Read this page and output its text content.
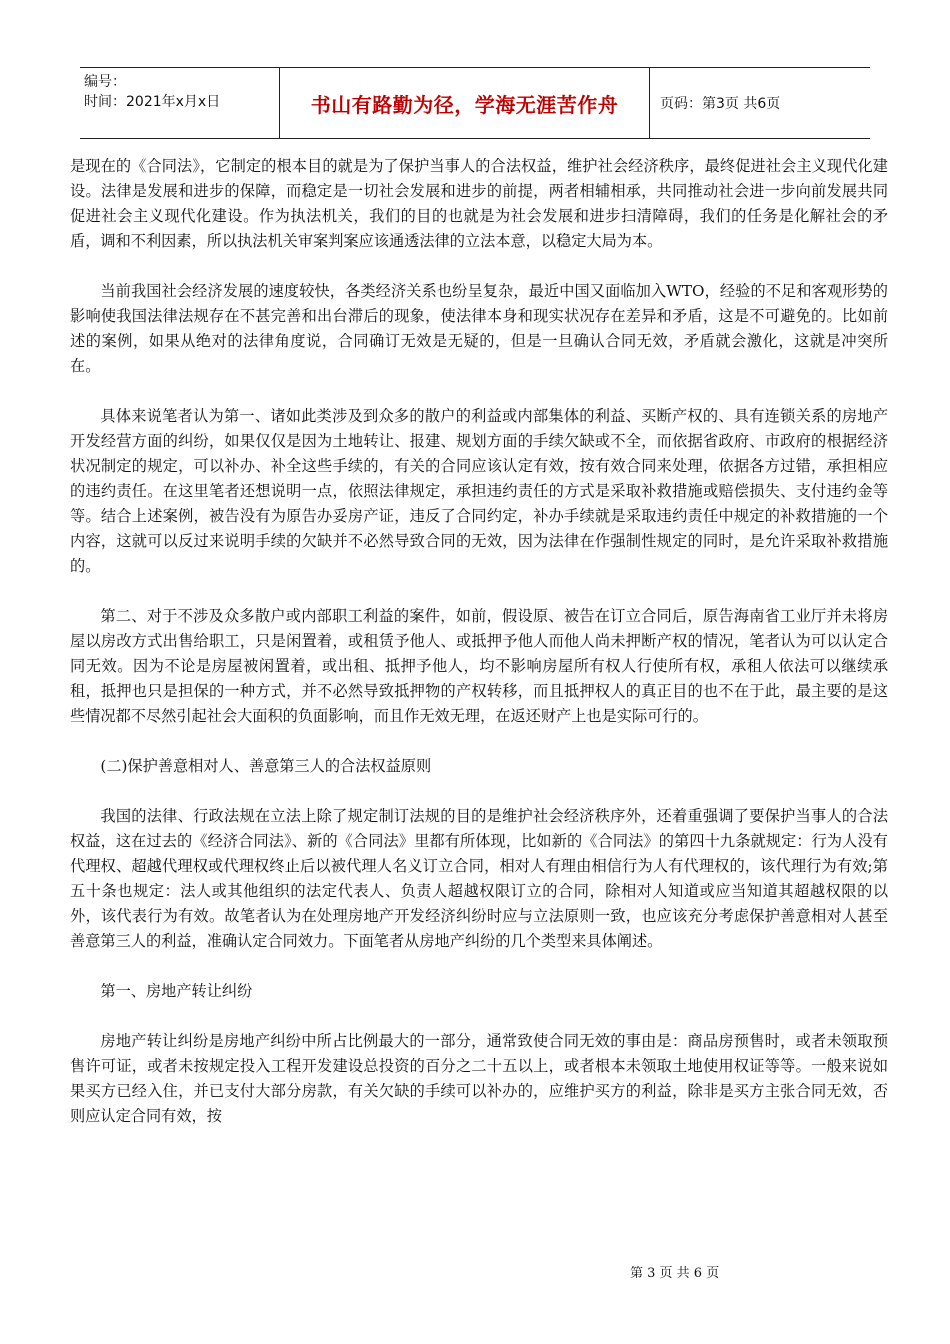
编号：
时间：2021年x月x日	书山有路勤为径，学海无涯苦作舟	页码：第3页 共6页

是现在的《合同法》，它制定的根本目的就是为了保护当事人的合法权益，维护社会经济秩序，最终促进社会主义现代化建设。法律是发展和进步的保障，而稳定是一切社会发展和进步的前提，两者相辅相承，共同推动社会进一步向前发展共同促进社会主义现代化建设。作为执法机关，我们的目的也就是为社会发展和进步扫清障碍，我们的任务是化解社会的矛盾，调和不利因素，所以执法机关审案判案应该通透法律的立法本意，以稳定大局为本。

当前我国社会经济发展的速度较快，各类经济关系也纷呈复杂，最近中国又面临加入WTO，经验的不足和客观形势的影响使我国法律法规存在不甚完善和出台滞后的现象，使法律本身和现实状况存在差异和矛盾，这是不可避免的。比如前述的案例，如果从绝对的法律角度说，合同确订无效是无疑的，但是一旦确认合同无效，矛盾就会激化，这就是冲突所在。

具体来说笔者认为第一、诸如此类涉及到众多的散户的利益或内部集体的利益、买断产权的、具有连锁关系的房地产开发经营方面的纠纷，如果仅仅是因为土地转让、报建、规划方面的手续欠缺或不全，而依据省政府、市政府的根据经济状况制定的规定，可以补办、补全这些手续的，有关的合同应该认定有效，按有效合同来处理，依据各方过错，承担相应的违约责任。在这里笔者还想说明一点，依照法律规定，承担违约责任的方式是采取补救措施或赔偿损失、支付违约金等等。结合上述案例，被告没有为原告办妥房产证，违反了合同约定，补办手续就是采取违约责任中规定的补救措施的一个内容，这就可以反过来说明手续的欠缺并不必然导致合同的无效，因为法律在作强制性规定的同时，是允许采取补救措施的。

第二、对于不涉及众多散户或内部职工利益的案件，如前，假设原、被告在订立合同后，原告海南省工业厅并未将房屋以房改方式出售给职工，只是闲置着，或租赁予他人、或抵押予他人而他人尚未押断产权的情况，笔者认为可以认定合同无效。因为不论是房屋被闲置着，或出租、抵押予他人，均不影响房屋所有权人行使所有权，承租人依法可以继续承租，抵押也只是担保的一种方式，并不必然导致抵押物的产权转移，而且抵押权人的真正目的也不在于此，最主要的是这些情况都不尽然引起社会大面积的负面影响，而且作无效无理，在返还财产上也是实际可行的。

(二)保护善意相对人、善意第三人的合法权益原则

我国的法律、行政法规在立法上除了规定制订法规的目的是维护社会经济秩序外，还着重强调了要保护当事人的合法权益，这在过去的《经济合同法》、新的《合同法》里都有所体现，比如新的《合同法》的第四十九条就规定：行为人没有代理权、超越代理权或代理权终止后以被代理人名义订立合同，相对人有理由相信行为人有代理权的，该代理行为有效;第五十条也规定：法人或其他组织的法定代表人、负责人超越权限订立的合同，除相对人知道或应当知道其超越权限的以外，该代表行为有效。故笔者认为在处理房地产开发经济纠纷时应与立法原则一致，也应该充分考虑保护善意相对人甚至善意第三人的利益，准确认定合同效力。下面笔者从房地产纠纷的几个类型来具体阐述。

第一、房地产转让纠纷

房地产转让纠纷是房地产纠纷中所占比例最大的一部分，通常致使合同无效的事由是：商品房预售时，或者未领取预售许可证，或者未按规定投入工程开发建设总投资的百分之二十五以上，或者根本未领取土地使用权证等等。一般来说如果买方已经入住，并已支付大部分房款，有关欠缺的手续可以补办的，应维护买方的利益，除非是买方主张合同无效，否则应认定合同有效，按

第 3 页 共 6 页
